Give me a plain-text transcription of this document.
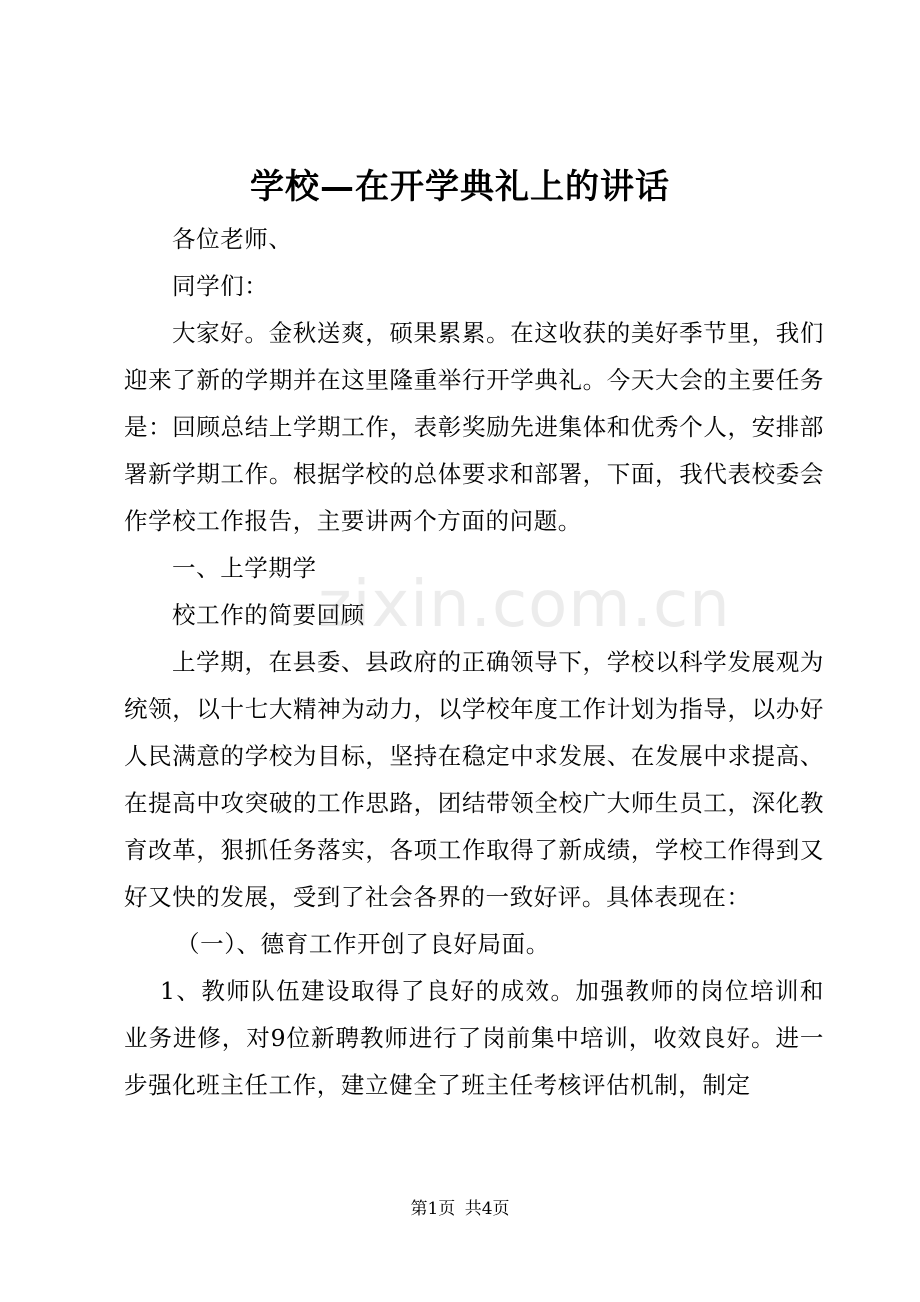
学校—在开学典礼上的讲话

各位老师、

同学们：

大家好。金秋送爽，硕果累累。在这收获的美好季节里，我们迎来了新的学期并在这里隆重举行开学典礼。今天大会的主要任务是：回顾总结上学期工作，表彰奖励先进集体和优秀个人，安排部署新学期工作。根据学校的总体要求和部署，下面，我代表校委会作学校工作报告，主要讲两个方面的问题。

一、上学期学

校工作的简要回顾

上学期，在县委、县政府的正确领导下，学校以科学发展观为统领，以十七大精神为动力，以学校年度工作计划为指导，以办好人民满意的学校为目标，坚持在稳定中求发展、在发展中求提高、在提高中攻突破的工作思路，团结带领全校广大师生员工，深化教育改革，狠抓任务落实，各项工作取得了新成绩，学校工作得到又好又快的发展，受到了社会各界的一致好评。具体表现在：

（一）、德育工作开创了良好局面。

1、教师队伍建设取得了良好的成效。加强教师的岗位培训和业务进修，对9位新聘教师进行了岗前集中培训，收效良好。进一步强化班主任工作，建立健全了班主任考核评估机制，制定

zixin.com.cn
第1页 共4页
